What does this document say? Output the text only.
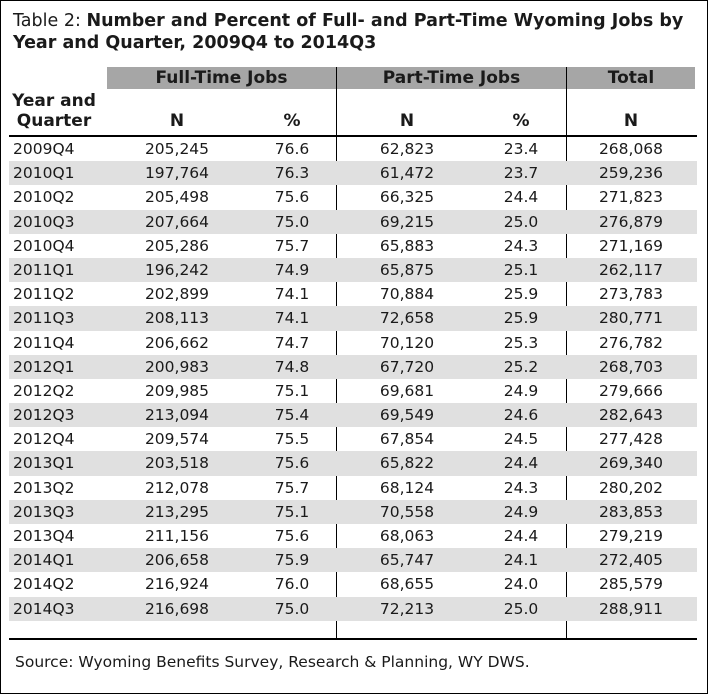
Table 2: Number and Percent of Full- and Part-Time Wyoming Jobs by Year and Quarter, 2009Q4 to 2014Q3
Full-Time Jobs	Part-Time Jobs	Total
Year and
Quarter	N	%	N	%	N
2009Q4	205,245	76.6	62,823	23.4	268,068
2010Q1	197,764	76.3	61,472	23.7	259,236
2010Q2	205,498	75.6	66,325	24.4	271,823
2010Q3	207,664	75.0	69,215	25.0	276,879
2010Q4	205,286	75.7	65,883	24.3	271,169
2011Q1	196,242	74.9	65,875	25.1	262,117
2011Q2	202,899	74.1	70,884	25.9	273,783
2011Q3	208,113	74.1	72,658	25.9	280,771
2011Q4	206,662	74.7	70,120	25.3	276,782
2012Q1	200,983	74.8	67,720	25.2	268,703
2012Q2	209,985	75.1	69,681	24.9	279,666
2012Q3	213,094	75.4	69,549	24.6	282,643
2012Q4	209,574	75.5	67,854	24.5	277,428
2013Q1	203,518	75.6	65,822	24.4	269,340
2013Q2	212,078	75.7	68,124	24.3	280,202
2013Q3	213,295	75.1	70,558	24.9	283,853
2013Q4	211,156	75.6	68,063	24.4	279,219
2014Q1	206,658	75.9	65,747	24.1	272,405
2014Q2	216,924	76.0	68,655	24.0	285,579
2014Q3	216,698	75.0	72,213	25.0	288,911
Source: Wyoming Benefits Survey, Research & Planning, WY DWS.
